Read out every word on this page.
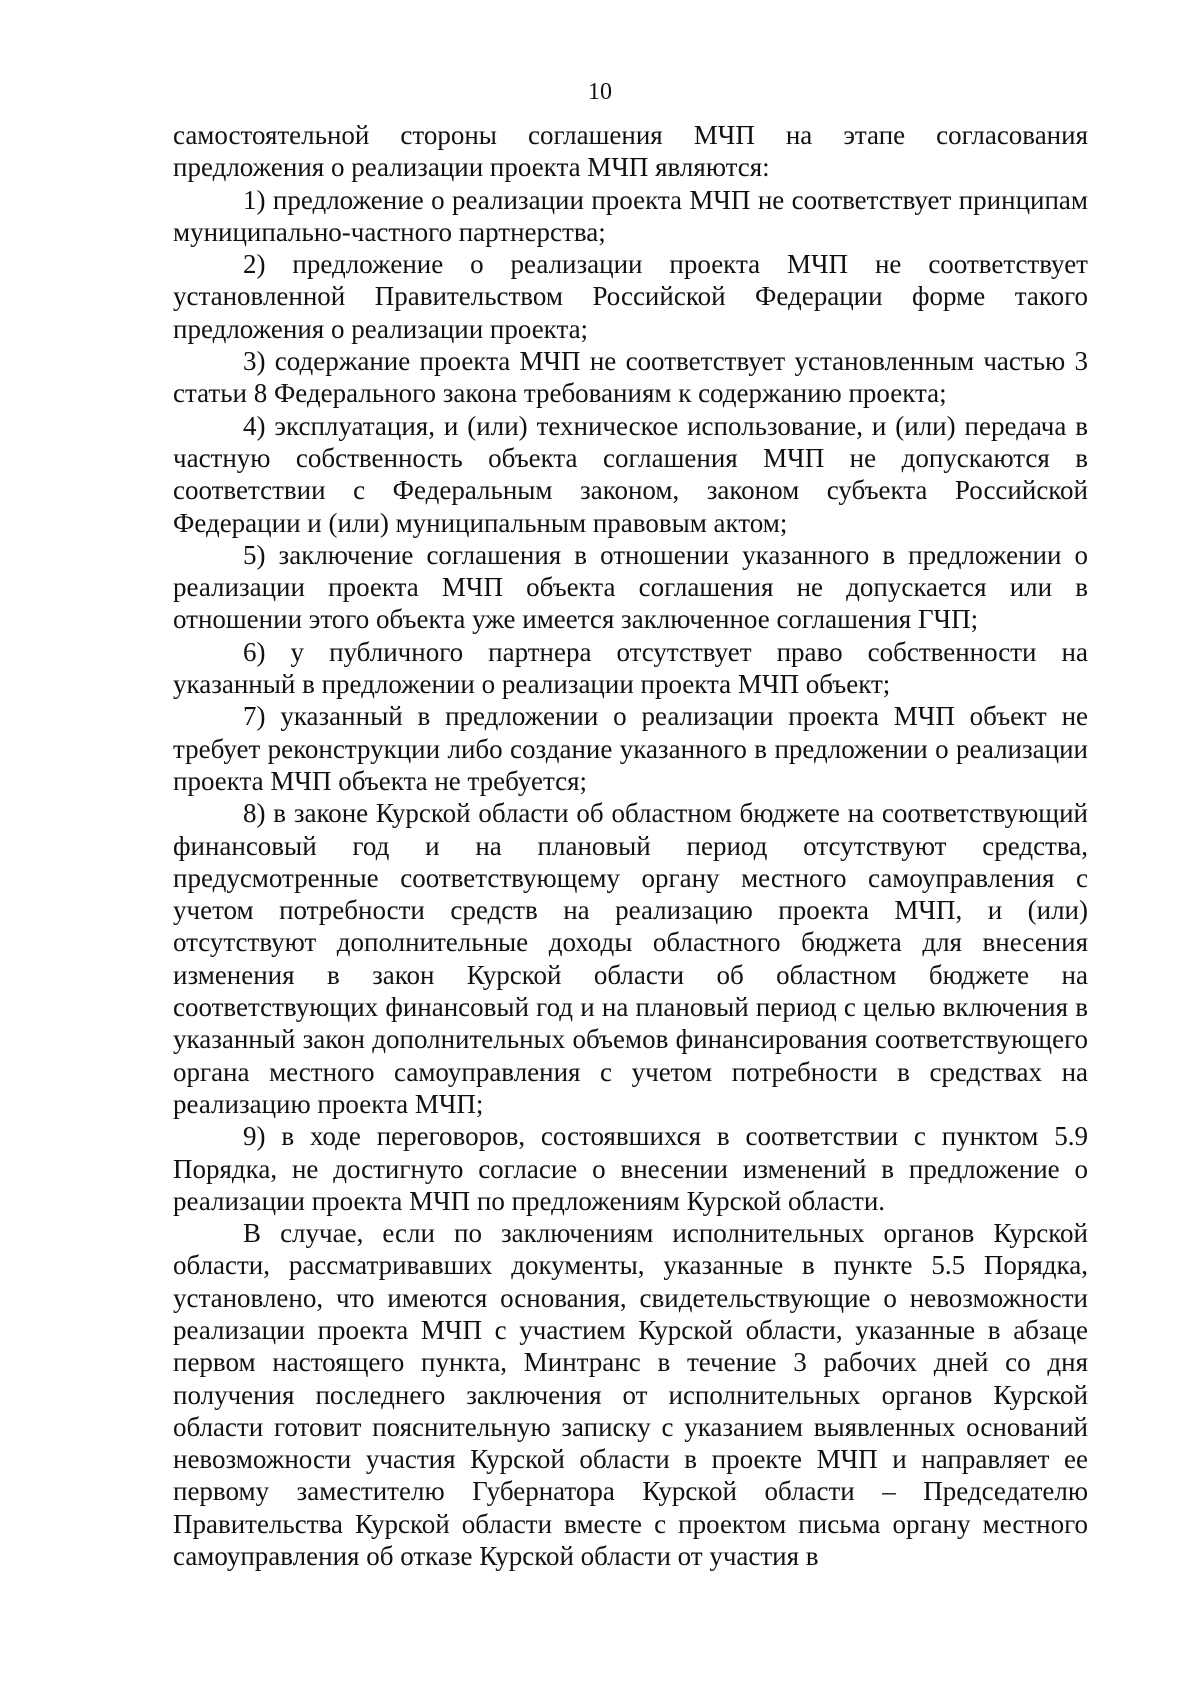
10

самостоятельной стороны соглашения МЧП на этапе согласования предложения о реализации проекта МЧП являются:

1) предложение о реализации проекта МЧП не соответствует принципам муниципально-частного партнерства;

2) предложение о реализации проекта МЧП не соответствует установленной Правительством Российской Федерации форме такого предложения о реализации проекта;

3) содержание проекта МЧП не соответствует установленным частью 3 статьи 8 Федерального закона требованиям к содержанию проекта;

4) эксплуатация, и (или) техническое использование, и (или) передача в частную собственность объекта соглашения МЧП не допускаются в соответствии с Федеральным законом, законом субъекта Российской Федерации и (или) муниципальным правовым актом;

5) заключение соглашения в отношении указанного в предложении о реализации проекта МЧП объекта соглашения не допускается или в отношении этого объекта уже имеется заключенное соглашения ГЧП;

6) у публичного партнера отсутствует право собственности на указанный в предложении о реализации проекта МЧП объект;

7) указанный в предложении о реализации проекта МЧП объект не требует реконструкции либо создание указанного в предложении о реализации проекта МЧП объекта не требуется;

8) в законе Курской области об областном бюджете на соответствующий финансовый год и на плановый период отсутствуют средства, предусмотренные соответствующему органу местного самоуправления с учетом потребности средств на реализацию проекта МЧП, и (или) отсутствуют дополнительные доходы областного бюджета для внесения изменения в закон Курской области об областном бюджете на соответствующих финансовый год и на плановый период с целью включения в указанный закон дополнительных объемов финансирования соответствующего органа местного самоуправления с учетом потребности в средствах на реализацию проекта МЧП;

9) в ходе переговоров, состоявшихся в соответствии с пунктом 5.9 Порядка, не достигнуто согласие о внесении изменений в предложение о реализации проекта МЧП по предложениям Курской области.

В случае, если по заключениям исполнительных органов Курской области, рассматривавших документы, указанные в пункте 5.5 Порядка, установлено, что имеются основания, свидетельствующие о невозможности реализации проекта МЧП с участием Курской области, указанные в абзаце первом настоящего пункта, Минтранс в течение 3 рабочих дней со дня получения последнего заключения от исполнительных органов Курской области готовит пояснительную записку с указанием выявленных оснований невозможности участия Курской области в проекте МЧП и направляет ее первому заместителю Губернатора Курской области – Председателю Правительства Курской области вместе с проектом письма органу местного самоуправления об отказе Курской области от участия в
